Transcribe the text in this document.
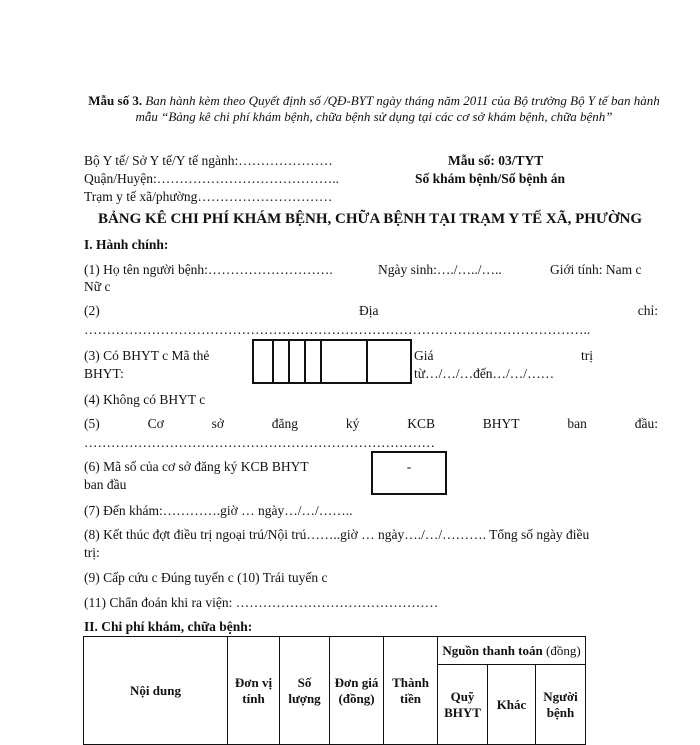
Mẫu số 3. Ban hành kèm theo Quyết định số /QĐ-BYT ngày tháng năm 2011 của Bộ trưởng Bộ Y tế ban hành mẫu “Bảng kê chi phí khám bệnh, chữa bệnh sử dụng tại các cơ sở khám bệnh, chữa bệnh”
Bộ Y tế/ Sở Y tế/Y tế ngành:…………………
Quận/Huyện:…………………………………..
Trạm y tế xã/phường…………………………
Mẫu số: 03/TYT
Số khám bệnh/Số bệnh án
BẢNG KÊ CHI PHÍ KHÁM BỆNH, CHỮA BỆNH TẠI TRẠM Y TẾ XÃ, PHƯỜNG
I. Hành chính:
(1) Họ tên người bệnh:……………………….	Ngày sinh:…./…../…..	Giới tính: Nam c
Nữ c
(2)	Địa	chỉ:
…………………………………………………………………………………………………..
(3) Có BHYT c Mã thẻ
BHYT:
Giá	trị
từ…/…/…đến…/…/……
(4) Không có BHYT c
(5)	Cơ	sở	đăng	ký	KCB	BHYT	ban	đầu:
……………………………………………………………………
(6) Mã số của cơ sở đăng ký KCB BHYT
ban đầu
-
(7) Đến khám:………….giờ … ngày…/…/……..
(8) Kết thúc đợt điều trị ngoại trú/Nội trú……..giờ … ngày…./…/………. Tổng số ngày điều
trị:
(9) Cấp cứu c Đúng tuyến c (10) Trái tuyến c
(11) Chẩn đoán khi ra viện: ………………………………………
II. Chi phí khám, chữa bệnh:
Nội dung	Đơn vị tính	Số lượng	Đơn giá (đồng)	Thành tiền	Nguồn thanh toán (đồng)		
					Quỹ BHYT	Khác	Người bệnh
